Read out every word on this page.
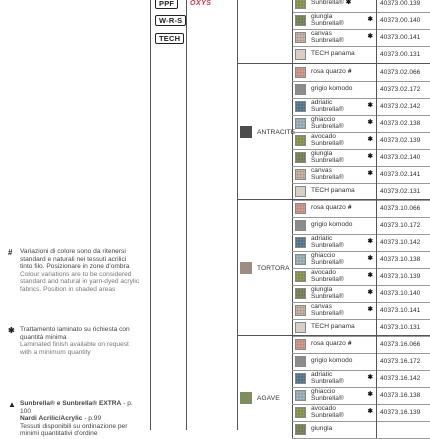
PPF
W-R-S
TECH
OXYS
# Variazioni di colore sono da ritenersi standard e naturali nei tessuti acrilici tinto filo. Posizionare in zone d'ombra
Colour variations are to be considered standard and natural in yarn-dyed acrylic fabrics. Position in shaded areas
✱ Trattamento laminato su richiesta con quantità minima
Laminated finish available on request with a minimum quantity
▲ Sunbrella® e Sunbrella® EXTRA - p. 100
Nardi Acrilic/Acrylic - p.99
Tessuti disponibili su ordinazione per minimi quantitativi d'ordine
Sunbrella® ✱	40373.00.139
giungla Sunbrella®	✱	40373.00.140
canvas Sunbrella®	✱	40373.00.141
TECH panama	40373.00.131
ANTRACITE
rosa quarzo #	40373.02.066
grigio komodo	40373.02.172
adriatic Sunbrella®	✱	40373.02.142
ghiaccio Sunbrella®	✱	40373.02.138
avocado Sunbrella®	✱	40373.02.139
giungla Sunbrella®	✱	40373.02.140
canvas Sunbrella®	✱	40373.02.141
TECH panama	40373.02.131
TORTORA
rosa quarzo #	40373.10.066
grigio komodo	40373.10.172
adriatic Sunbrella®	✱	40373.10.142
ghiaccio Sunbrella®	✱	40373.10.138
avocado Sunbrella®	✱	40373.10.139
giungla Sunbrella®	✱	40373.10.140
canvas Sunbrella®	✱	40373.10.141
TECH panama	40373.10.131
AGAVE
rosa quarzo #	40373.16.066
grigio komodo	40373.16.172
adriatic Sunbrella®	✱	40373.16.142
ghiaccio Sunbrella®	✱	40373.16.138
avocado Sunbrella®	✱	40373.16.139
giungla
